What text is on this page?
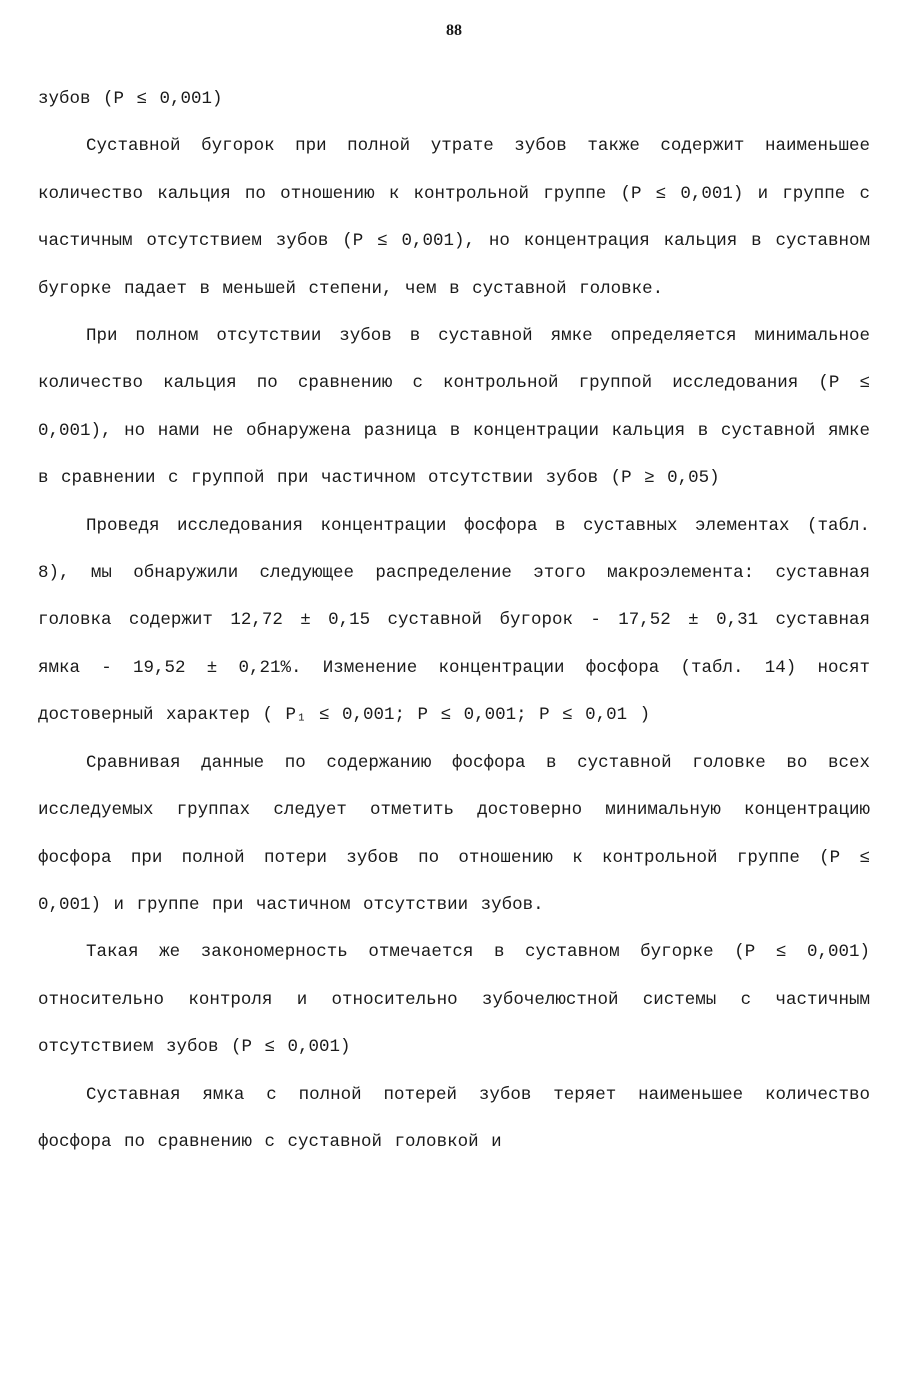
88

зубов (P ≤ 0,001)

Суставной бугорок при полной утрате зубов также содержит наименьшее количество кальция по отношению к контрольной группе (P ≤ 0,001) и группе с частичным отсутствием зубов (P ≤ 0,001), но концентрация кальция в суставном бугорке падает в меньшей степени, чем в суставной головке.

При полном отсутствии зубов в суставной ямке определяется минимальное количество кальция по сравнению с контрольной группой исследования (P ≤ 0,001), но нами не обнаружена разница в концентрации кальция в суставной ямке в сравнении с группой при частичном отсутствии зубов (P ≥ 0,05)

Проведя исследования концентрации фосфора в суставных элементах (табл. 8), мы обнаружили следующее распределение этого макроэлемента: суставная головка содержит 12,72 ± 0,15 суставной бугорок - 17,52 ± 0,31 суставная ямка - 19,52 ± 0,21%. Изменение концентрации фосфора (табл. 14) носят достоверный характер ( P₁ ≤ 0,001; P ≤ 0,001; P ≤ 0,01 )

Сравнивая данные по содержанию фосфора в суставной головке во всех исследуемых группах следует отметить достоверно минимальную концентрацию фосфора при полной потери зубов по отношению к контрольной группе (P ≤ 0,001) и группе при частичном отсутствии зубов.

Такая же закономерность отмечается в суставном бугорке (P ≤ 0,001) относительно контроля и относительно зубочелюстной системы с частичным отсутствием зубов (P ≤ 0,001)

Суставная ямка с полной потерей зубов теряет наименьшее количество фосфора по сравнению с суставной головкой и
